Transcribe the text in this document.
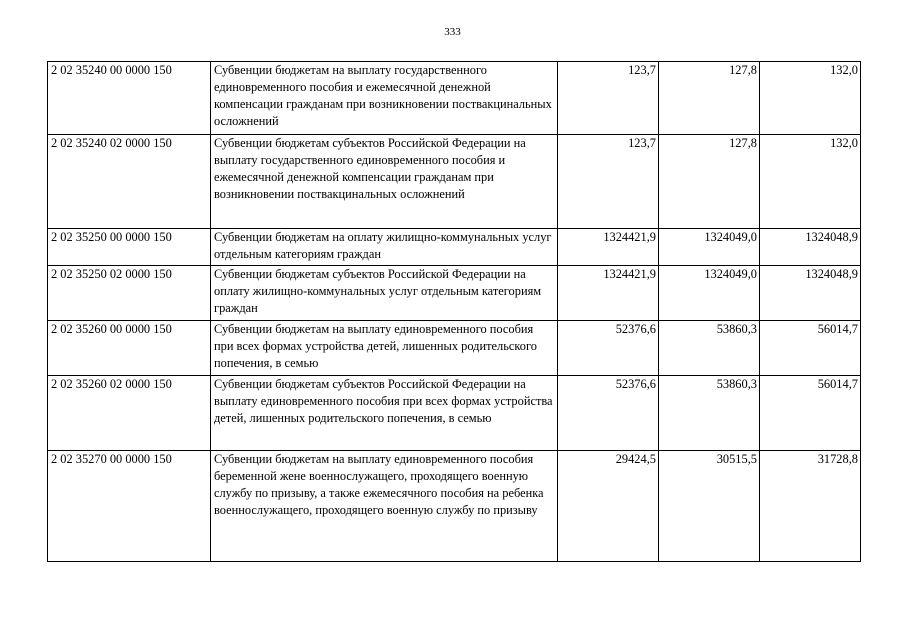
333
2 02 35240 00 0000 150	Субвенции бюджетам на выплату государственного единовременного пособия и ежемесячной денежной компенсации гражданам при возникновении поствакцинальных осложнений	123,7	127,8	132,0
2 02 35240 02 0000 150	Субвенции бюджетам субъектов Российской Федерации на выплату государственного единовременного пособия и ежемесячной денежной компенсации гражданам при возникновении поствакцинальных осложнений	123,7	127,8	132,0
2 02 35250 00 0000 150	Субвенции бюджетам на оплату жилищно-коммунальных услуг отдельным категориям граждан	1324421,9	1324049,0	1324048,9
2 02 35250 02 0000 150	Субвенции бюджетам субъектов Российской Федерации на оплату жилищно-коммунальных услуг отдельным категориям граждан	1324421,9	1324049,0	1324048,9
2 02 35260 00 0000 150	Субвенции бюджетам на выплату единовременного пособия при всех формах устройства детей, лишенных родительского попечения, в семью	52376,6	53860,3	56014,7
2 02 35260 02 0000 150	Субвенции бюджетам субъектов Российской Федерации на выплату единовременного пособия при всех формах устройства детей, лишенных родительского попечения, в семью	52376,6	53860,3	56014,7
2 02 35270 00 0000 150	Субвенции бюджетам на выплату единовременного пособия беременной жене военнослужащего, проходящего военную службу по призыву, а также ежемесячного пособия на ребенка военнослужащего, проходящего военную службу по призыву	29424,5	30515,5	31728,8
